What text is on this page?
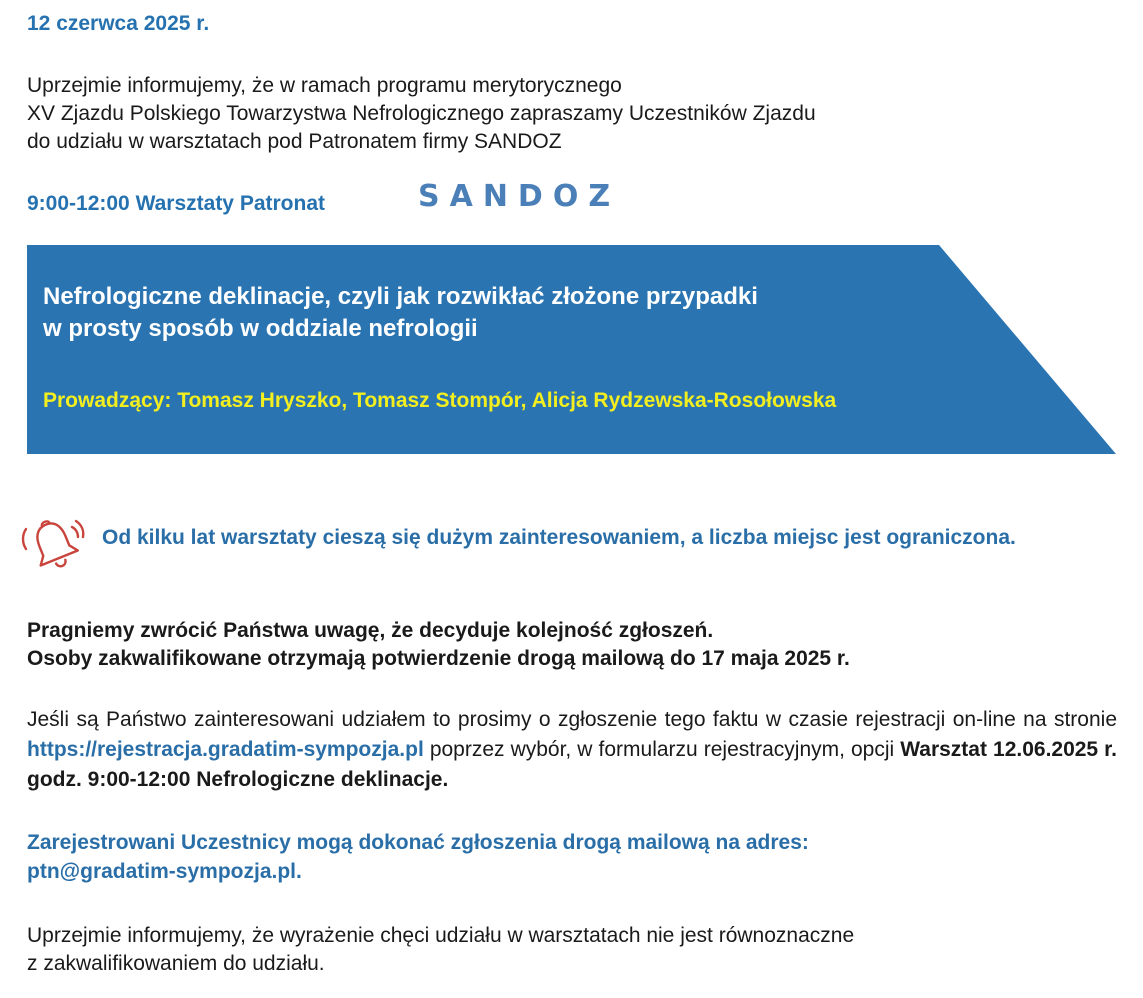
12 czerwca 2025 r.

Uprzejmie informujemy, że w ramach programu merytorycznego
XV Zjazdu Polskiego Towarzystwa Nefrologicznego zapraszamy Uczestników Zjazdu
do udziału w warsztatach pod Patronatem firmy SANDOZ

9:00-12:00 Warsztaty Patronat	SANDOZ
Nefrologiczne deklinacje, czyli jak rozwikłać złożone przypadki
w prosty sposób w oddziale nefrologii

Prowadzący: Tomasz Hryszko, Tomasz Stompór, Alicja Rydzewska-Rosołowska

Od kilku lat warsztaty cieszą się dużym zainteresowaniem, a liczba miejsc jest ograniczona.

Pragniemy zwrócić Państwa uwagę, że decyduje kolejność zgłoszeń.
Osoby zakwalifikowane otrzymają potwierdzenie drogą mailową do 17 maja 2025 r.

Jeśli są Państwo zainteresowani udziałem to prosimy o zgłoszenie tego faktu w czasie rejestracji on-line na stronie https://rejestracja.gradatim-sympozja.pl poprzez wybór, w formularzu rejestracyjnym, opcji Warsztat 12.06.2025 r. godz. 9:00-12:00 Nefrologiczne deklinacje.

Zarejestrowani Uczestnicy mogą dokonać zgłoszenia drogą mailową na adres:
ptn@gradatim-sympozja.pl.

Uprzejmie informujemy, że wyrażenie chęci udziału w warsztatach nie jest równoznaczne
z zakwalifikowaniem do udziału.
